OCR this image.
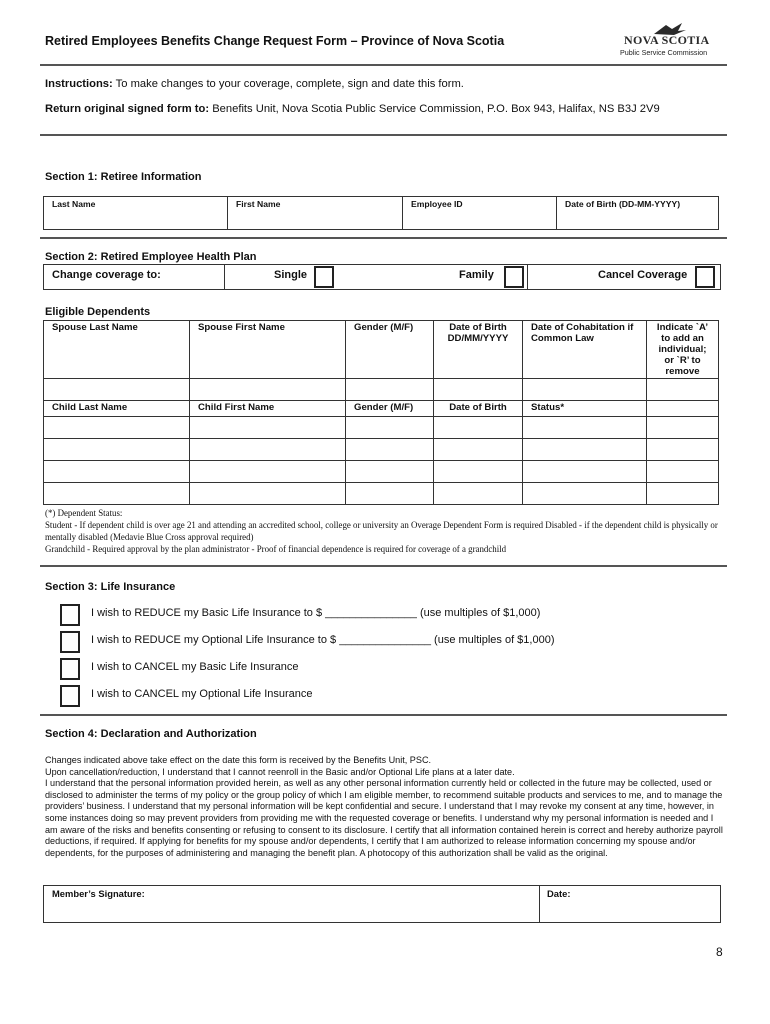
Retired Employees Benefits Change Request Form – Province of Nova Scotia	NOVA SCOTIA
Public Service Commission
Instructions: To make changes to your coverage, complete, sign and date this form.
Return original signed form to: Benefits Unit, Nova Scotia Public Service Commission, P.O. Box 943, Halifax, NS B3J 2V9
Section 1: Retiree Information
Last Name	First Name	Employee ID	Date of Birth (DD-MM-YYYY)
Section 2: Retired Employee Health Plan
Change coverage to:	Single	Family	Cancel Coverage
Eligible Dependents
Spouse Last Name	Spouse First Name	Gender (M/F)	Date of Birth DD/MM/YYYY	Date of Cohabitation if Common Law	Indicate `A’ to add an individual; or `R’ to remove

Child Last Name	Child First Name	Gender (M/F)	Date of Birth	Status*	

(*) Dependent Status:
Student - If dependent child is over age 21 and attending an accredited school, college or university an Overage Dependent Form is required Disabled - if the dependent child is physically or mentally disabled (Medavie Blue Cross approval required)
Grandchild - Required approval by the plan administrator - Proof of financial dependence is required for coverage of a grandchild
Section 3: Life Insurance
I wish to REDUCE my Basic Life Insurance to $ _______________ (use multiples of $1,000)
I wish to REDUCE my Optional Life Insurance to $ _______________ (use multiples of $1,000)
I wish to CANCEL my Basic Life Insurance
I wish to CANCEL my Optional Life Insurance
Section 4: Declaration and Authorization
Changes indicated above take effect on the date this form is received by the Benefits Unit, PSC.
Upon cancellation/reduction, I understand that I cannot reenroll in the Basic and/or Optional Life plans at a later date.
I understand that the personal information provided herein, as well as any other personal information currently held or collected in the future may be collected, used or disclosed to administer the terms of my policy or the group policy of which I am eligible member, to recommend suitable products and services to me, and to manage the providers’ business. I understand that my personal information will be kept confidential and secure. I understand that I may revoke my consent at any time, however, in some instances doing so may prevent providers from providing me with the requested coverage or benefits. I understand why my personal information is needed and I am aware of the risks and benefits consenting or refusing to consent to its disclosure. I certify that all information contained herein is correct and hereby authorize payroll deductions, if required. If applying for benefits for my spouse and/or dependents, I certify that I am authorized to release information concerning my spouse and/or dependents, for the purposes of administering and managing the benefit plan. A photocopy of this authorization shall be valid as the original.
Member’s Signature:	Date:
8
